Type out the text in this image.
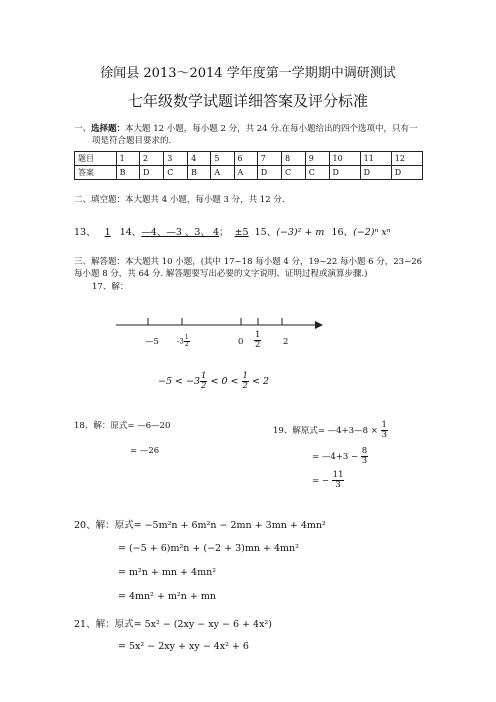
徐闻县 2013～2014 学年度第一学期期中调研测试
七年级数学试题详细答案及评分标准
一、选择题：本大题 12 小题，每小题 2 分，共 24 分.在每小题给出的四个选项中，只有一
项是符合题目要求的.
题目	1	2	3	4	5	6	7	8	9	10	11	12
答案	B	D	C	B	A	A	D	C	C	D	D	D
二、填空题：本大题共 4 小题，每小题 3 分，共 12 分.
13、 1 14、—4、—3 、3、 4； ±5 15、(−3)² + m 16、(−2)ⁿ xⁿ
三、解答题：本大题共 10 小题，(其中 17~18 每小题 4 分，19~22 每小题 6 分，23~26
每小题 8 分，共 64 分. 解答题要写出必要的文字说明、证明过程或演算步骤.)
17、解：
—5	$-3 \frac{1}{2}$	$0 \frac{1}{2}$	2
$-5 < -3 \frac{1}{2} < 0 < \frac{1}{2} < 2$
18、解：原式= —6—20
= —26
19、解原式= —4+3—8 × $\frac{1}{3}$
= —4+3 − $\frac{8}{3}$
= − $\frac{11}{3}$
20、解：原式= −5m²n + 6m²n − 2mn + 3mn + 4mn²
= (−5 + 6)m²n + (−2 + 3)mn + 4mn²
= m²n + mn + 4mn²
= 4mn² + m²n + mn
21、解：原式= 5x² − (2xy − xy − 6 + 4x²)
= 5x² − 2xy + xy − 4x² + 6
